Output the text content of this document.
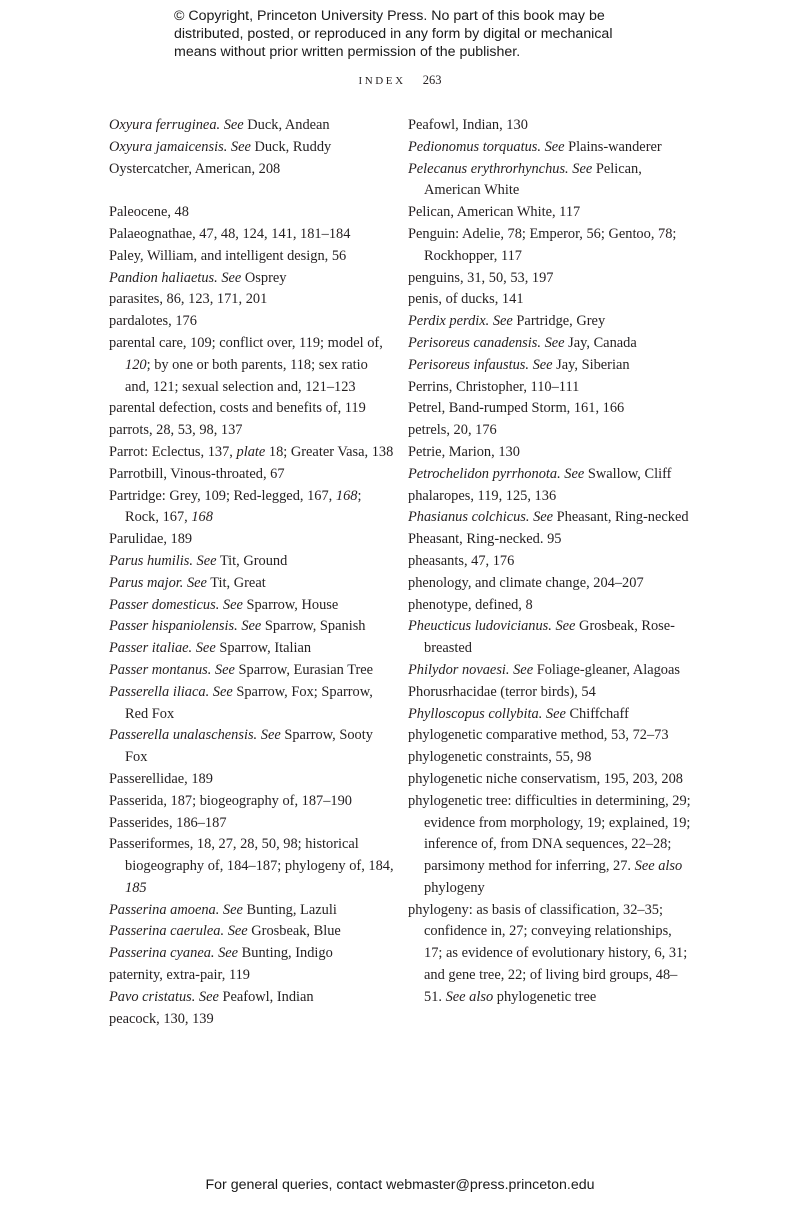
© Copyright, Princeton University Press. No part of this book may be
distributed, posted, or reproduced in any form by digital or mechanical
means without prior written permission of the publisher.
INDEX 263
Oxyura ferruginea. See Duck, Andean
Oxyura jamaicensis. See Duck, Ruddy
Oystercatcher, American, 208
Paleocene, 48
Palaeognathae, 47, 48, 124, 141, 181–184
Paley, William, and intelligent design, 56
Pandion haliaetus. See Osprey
parasites, 86, 123, 171, 201
pardalotes, 176
parental care, 109; conflict over, 119; model of, 120; by one or both parents, 118; sex ratio and, 121; sexual selection and, 121–123
parental defection, costs and benefits of, 119
parrots, 28, 53, 98, 137
Parrot: Eclectus, 137, plate 18; Greater Vasa, 138
Parrotbill, Vinous-throated, 67
Partridge: Grey, 109; Red-legged, 167, 168; Rock, 167, 168
Parulidae, 189
Parus humilis. See Tit, Ground
Parus major. See Tit, Great
Passer domesticus. See Sparrow, House
Passer hispaniolensis. See Sparrow, Spanish
Passer italiae. See Sparrow, Italian
Passer montanus. See Sparrow, Eurasian Tree
Passerella iliaca. See Sparrow, Fox; Sparrow, Red Fox
Passerella unalaschensis. See Sparrow, Sooty Fox
Passerellidae, 189
Passerida, 187; biogeography of, 187–190
Passerides, 186–187
Passeriformes, 18, 27, 28, 50, 98; historical biogeography of, 184–187; phylogeny of, 184, 185
Passerina amoena. See Bunting, Lazuli
Passerina caerulea. See Grosbeak, Blue
Passerina cyanea. See Bunting, Indigo
paternity, extra-pair, 119
Pavo cristatus. See Peafowl, Indian
peacock, 130, 139
Peafowl, Indian, 130
Pedionomus torquatus. See Plains-wanderer
Pelecanus erythrorhynchus. See Pelican, American White
Pelican, American White, 117
Penguin: Adelie, 78; Emperor, 56; Gentoo, 78; Rockhopper, 117
penguins, 31, 50, 53, 197
penis, of ducks, 141
Perdix perdix. See Partridge, Grey
Perisoreus canadensis. See Jay, Canada
Perisoreus infaustus. See Jay, Siberian
Perrins, Christopher, 110–111
Petrel, Band-rumped Storm, 161, 166
petrels, 20, 176
Petrie, Marion, 130
Petrochelidon pyrrhonota. See Swallow, Cliff
phalaropes, 119, 125, 136
Phasianus colchicus. See Pheasant, Ring-necked
Pheasant, Ring-necked. 95
pheasants, 47, 176
phenology, and climate change, 204–207
phenotype, defined, 8
Pheucticus ludovicianus. See Grosbeak, Rose-breasted
Philydor novaesi. See Foliage-gleaner, Alagoas
Phorusrhacidae (terror birds), 54
Phylloscopus collybita. See Chiffchaff
phylogenetic comparative method, 53, 72–73
phylogenetic constraints, 55, 98
phylogenetic niche conservatism, 195, 203, 208
phylogenetic tree: difficulties in determining, 29; evidence from morphology, 19; explained, 19; inference of, from DNA sequences, 22–28; parsimony method for inferring, 27. See also phylogeny
phylogeny: as basis of classification, 32–35; confidence in, 27; conveying relationships, 17; as evidence of evolutionary history, 6, 31; and gene tree, 22; of living bird groups, 48–51. See also phylogenetic tree
For general queries, contact webmaster@press.princeton.edu
